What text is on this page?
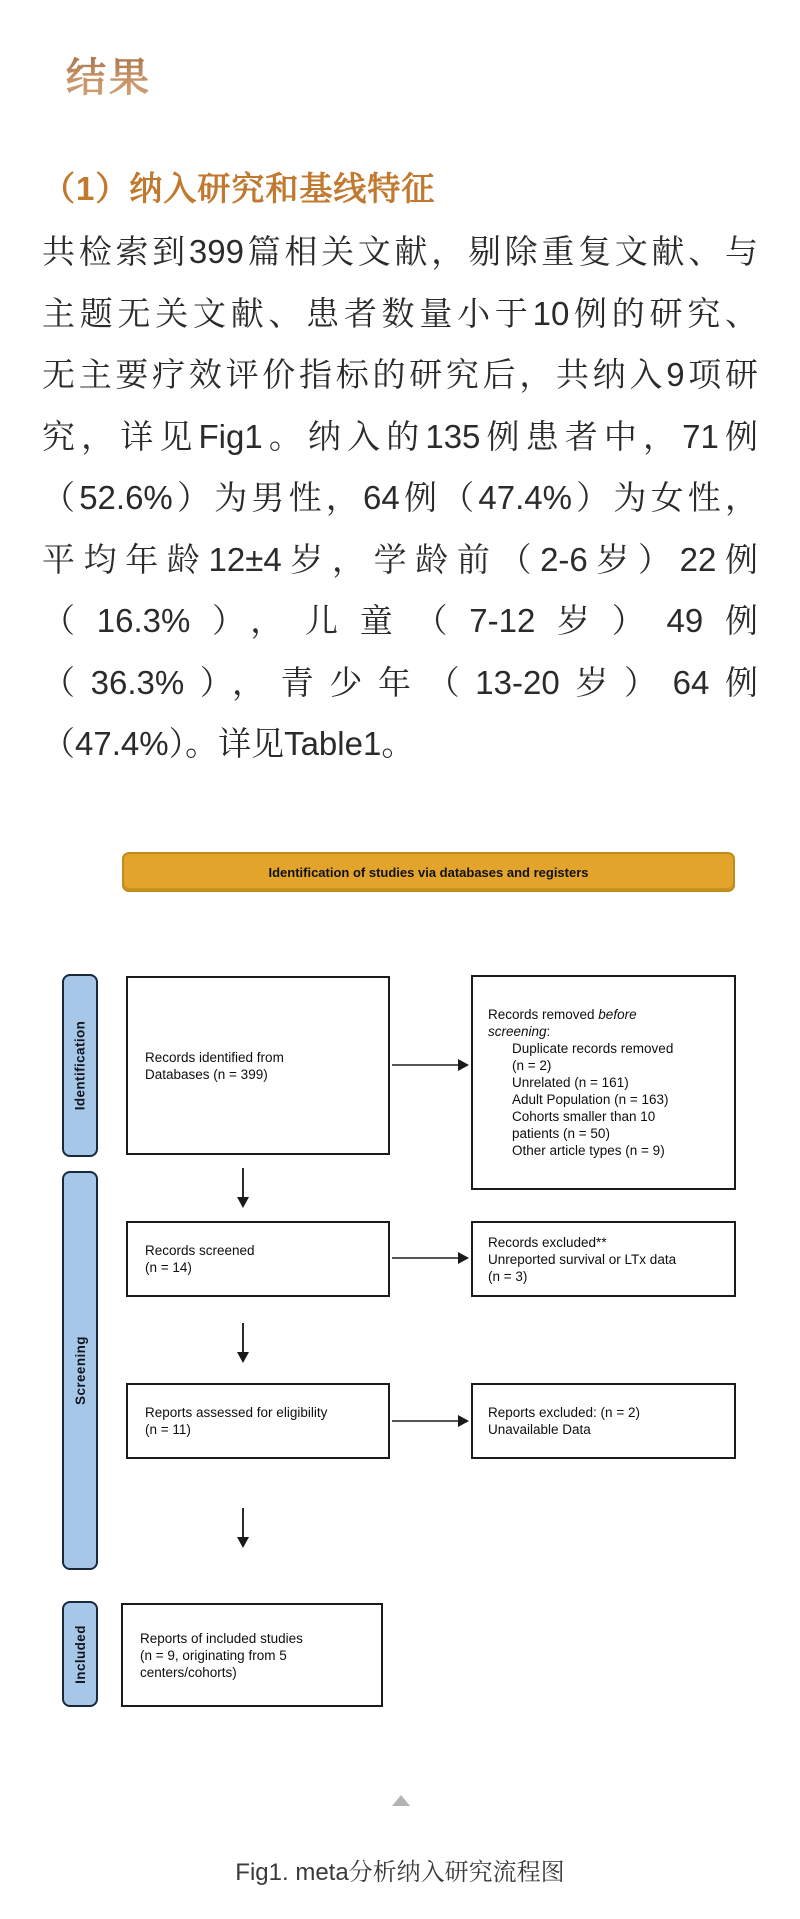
结果
（1）纳入研究和基线特征
共检索到399篇相关文献，剔除重复文献、与
主题无关文献、患者数量小于10例的研究、
无主要疗效评价指标的研究后，共纳入9项研
究，详见Fig1。纳入的135例患者中，71例
（52.6%）为男性，64例（47.4%）为女性，
平均年龄12±4岁，学龄前（2-6岁）22例
（16.3%），儿童（7-12岁）49例
（36.3%），青少年（13-20岁）64例
（47.4%）。详见Table1。
Identification of studies via databases and registers
Identification
Screening
Included
Records identified from
Databases (n = 399)
Records removed before
screening:
Duplicate records removed
(n = 2)
Unrelated (n = 161)
Adult Population (n = 163)
Cohorts smaller than 10
patients (n = 50)
Other article types (n = 9)
Records screened
(n = 14)
Records excluded**
Unreported survival or LTx data
(n = 3)
Reports assessed for eligibility
(n = 11)
Reports excluded: (n = 2)
Unavailable Data
Reports of included studies
(n = 9, originating from 5
centers/cohorts)
Fig1. meta分析纳入研究流程图
